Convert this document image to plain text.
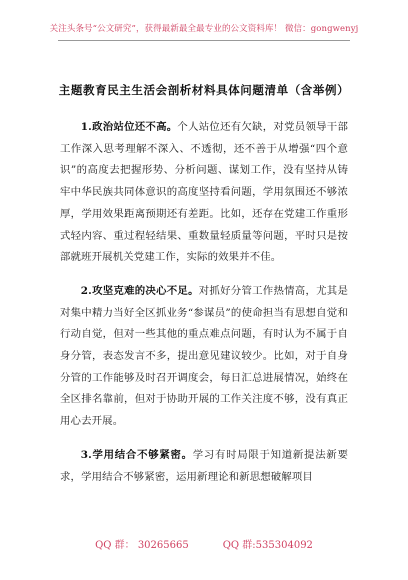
关注头条号“公文研究”，获得最新最全最专业的公文资料库！ 微信：gongwenyj
主题教育民主生活会剖析材料具体问题清单（含举例）

1.政治站位还不高。个人站位还有欠缺，对党员领导干部工作深入思考理解不深入、不透彻，还不善于从增强“四个意识”的高度去把握形势、分析问题、谋划工作，没有坚持从铸牢中华民族共同体意识的高度坚持看问题，学用氛围还不够浓厚，学用效果距离预期还有差距。比如，还存在党建工作重形式轻内容、重过程轻结果、重数量轻质量等问题，平时只是按部就班开展机关党建工作，实际的效果并不佳。

2.攻坚克难的决心不足。对抓好分管工作热情高，尤其是对集中精力当好全区抓业务“参谋员”的使命担当有思想自觉和行动自觉，但对一些其他的重点难点问题，有时认为不属于自身分管，表态发言不多，提出意见建议较少。比如，对于自身分管的工作能够及时召开调度会，每日汇总进展情况，始终在全区排名靠前，但对于协助开展的工作关注度不够，没有真正用心去开展。

3.学用结合不够紧密。学习有时局限于知道新提法新要求，学用结合不够紧密，运用新理论和新思想破解项目

QQ 群： 30265665	QQ 群:535304092
